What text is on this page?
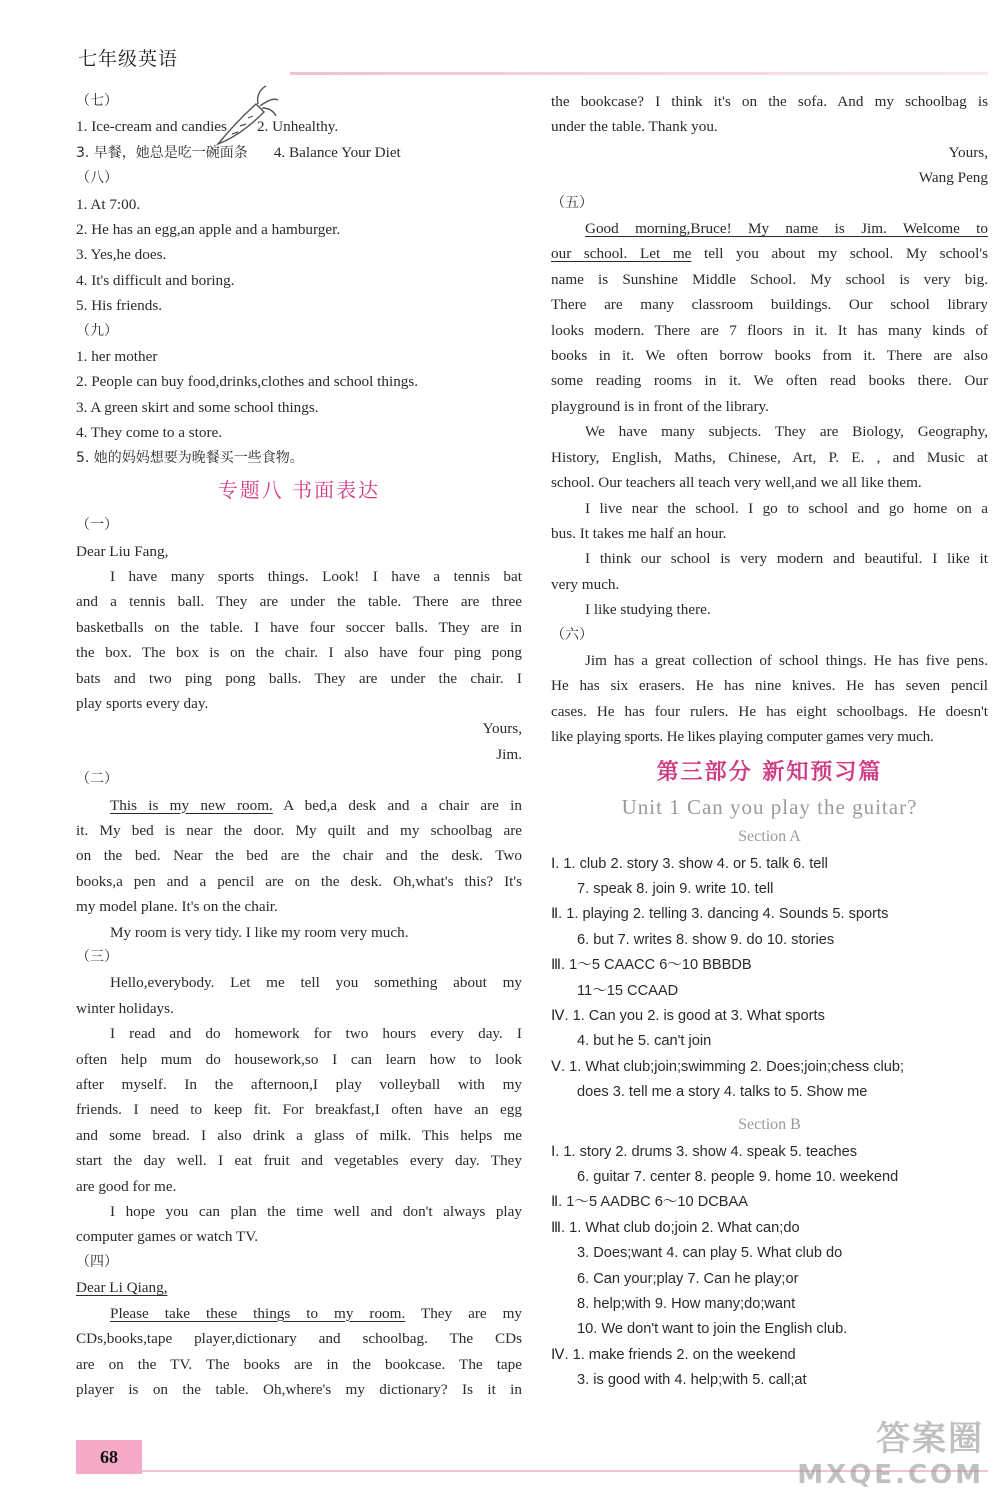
七年级英语
（七）
1. Ice-cream and candies 2. Unhealthy.
3. 早餐，她总是吃一碗面条 4. Balance Your Diet
（八）
1. At 7:00.
2. He has an egg,an apple and a hamburger.
3. Yes,he does.
4. It's difficult and boring.
5. His friends.
（九）
1. her mother
2. People can buy food,drinks,clothes and school things.
3. A green skirt and some school things.
4. They come to a store.
5. 她的妈妈想要为晚餐买一些食物。
专题八 书面表达
（一）
Dear Liu Fang,
I have many sports things. Look! I have a tennis bat
and a tennis ball. They are under the table. There are three
basketballs on the table. I have four soccer balls. They are in
the box. The box is on the chair. I also have four ping pong
bats and two ping pong balls. They are under the chair. I
play sports every day.
Yours,
Jim.
（二）
This is my new room. A bed,a desk and a chair are in
it. My bed is near the door. My quilt and my schoolbag are
on the bed. Near the bed are the chair and the desk. Two
books,a pen and a pencil are on the desk. Oh,what's this? It's
my model plane. It's on the chair.
My room is very tidy. I like my room very much.
（三）
Hello,everybody. Let me tell you something about my
winter holidays.
I read and do homework for two hours every day. I
often help mum do housework,so I can learn how to look
after myself. In the afternoon,I play volleyball with my
friends. I need to keep fit. For breakfast,I often have an egg
and some bread. I also drink a glass of milk. This helps me
start the day well. I eat fruit and vegetables every day. They
are good for me.
I hope you can plan the time well and don't always play
computer games or watch TV.
（四）
Dear Li Qiang,
Please take these things to my room. They are my
CDs,books,tape player,dictionary and schoolbag. The CDs
are on the TV. The books are in the bookcase. The tape
player is on the table. Oh,where's my dictionary? Is it in
the bookcase? I think it's on the sofa. And my schoolbag is
under the table. Thank you.
Yours,
Wang Peng
（五）
Good morning,Bruce! My name is Jim. Welcome to
our school. Let me tell you about my school. My school's
name is Sunshine Middle School. My school is very big.
There are many classroom buildings. Our school library
looks modern. There are 7 floors in it. It has many kinds of
books in it. We often borrow books from it. There are also
some reading rooms in it. We often read books there. Our
playground is in front of the library.
We have many subjects. They are Biology, Geography,
History, English, Maths, Chinese, Art, P. E. , and Music at
school. Our teachers all teach very well,and we all like them.
I live near the school. I go to school and go home on a
bus. It takes me half an hour.
I think our school is very modern and beautiful. I like it
very much.
I like studying there.
（六）
Jim has a great collection of school things. He has five pens.
He has six erasers. He has nine knives. He has seven pencil
cases. He has four rulers. He has eight schoolbags. He doesn't
like playing sports. He likes playing computer games very much.
第三部分 新知预习篇
Unit 1 Can you play the guitar?
Section A
Ⅰ. 1. club 2. story 3. show 4. or 5. talk 6. tell
7. speak 8. join 9. write 10. tell
Ⅱ. 1. playing 2. telling 3. dancing 4. Sounds 5. sports
6. but 7. writes 8. show 9. do 10. stories
Ⅲ. 1～5 CAACC 6～10 BBBDB
11～15 CCAAD
Ⅳ. 1. Can you 2. is good at 3. What sports
4. but he 5. can't join
Ⅴ. 1. What club;join;swimming 2. Does;join;chess club;
does 3. tell me a story 4. talks to 5. Show me
Section B
Ⅰ. 1. story 2. drums 3. show 4. speak 5. teaches
6. guitar 7. center 8. people 9. home 10. weekend
Ⅱ. 1～5 AADBC 6～10 DCBAA
Ⅲ. 1. What club do;join 2. What can;do
3. Does;want 4. can play 5. What club do
6. Can your;play 7. Can he play;or
8. help;with 9. How many;do;want
10. We don't want to join the English club.
Ⅳ. 1. make friends 2. on the weekend
3. is good with 4. help;with 5. call;at
68	答案圈
MXQE.COM
